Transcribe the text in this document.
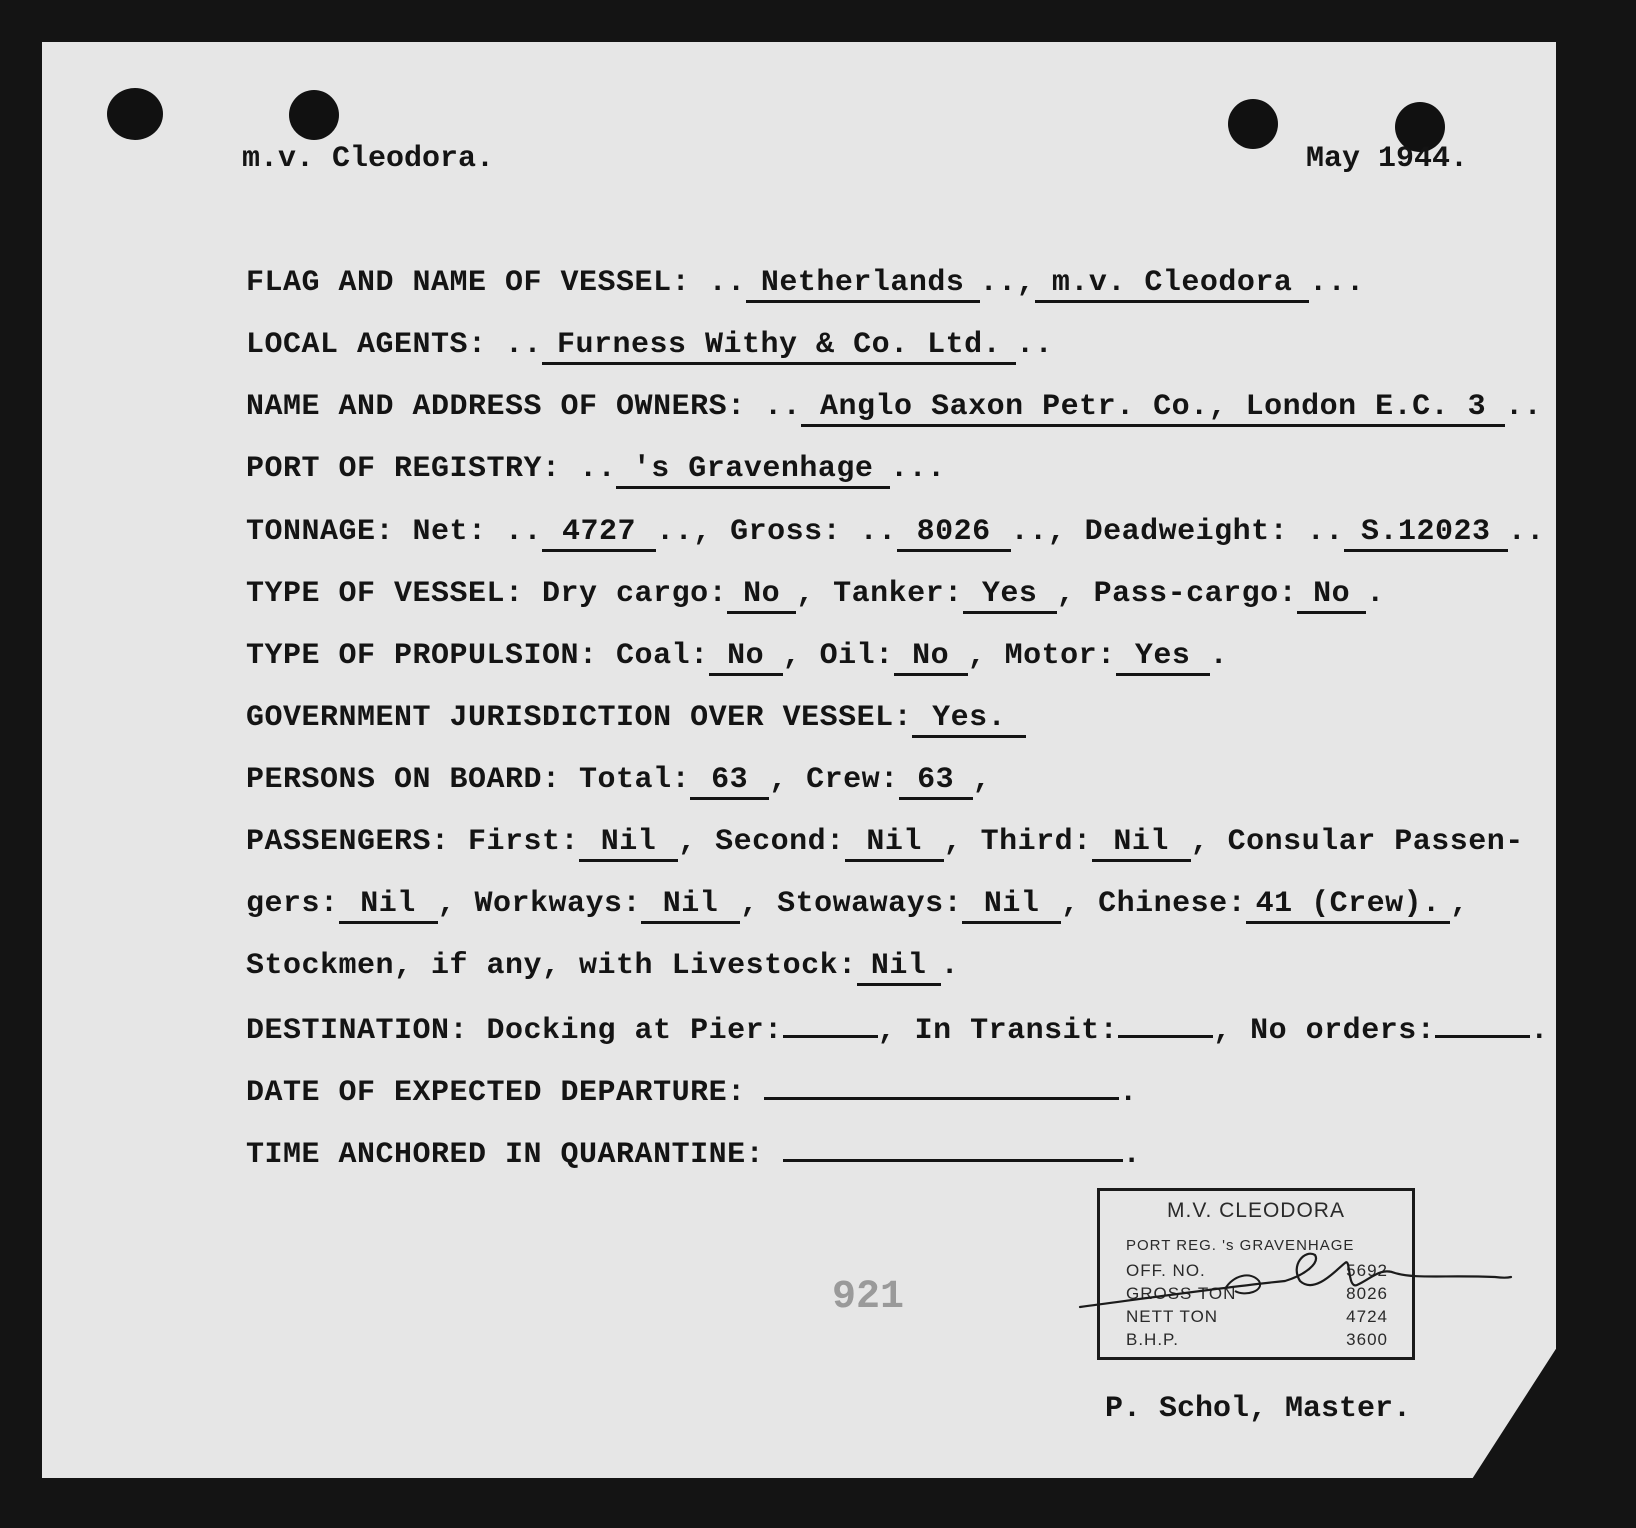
m.v. Cleodora.	May 1944.
FLAG AND NAME OF VESSEL: .. Netherlands .., m.v. Cleodora ...
LOCAL AGENTS: .. Furness Withy & Co. Ltd. ..
NAME AND ADDRESS OF OWNERS: .. Anglo Saxon Petr. Co., London E.C. 3 ..
PORT OF REGISTRY: .. 's Gravenhage ...
TONNAGE: Net: .. 4727 .., Gross: .. 8026 .., Deadweight: .. S.12023 ..
TYPE OF VESSEL: Dry cargo: No , Tanker: Yes , Pass-cargo: No .
TYPE OF PROPULSION: Coal: No , Oil: No , Motor: Yes .
GOVERNMENT JURISDICTION OVER VESSEL: Yes.
PERSONS ON BOARD: Total: 63 , Crew: 63 ,
PASSENGERS: First: Nil , Second: Nil , Third: Nil , Consular Passen-
gers: Nil , Workways: Nil , Stowaways: Nil , Chinese: 41 (Crew). ,
Stockmen, if any, with Livestock: Nil .
DESTINATION: Docking at Pier:	, In Transit:	, No orders:	.
DATE OF EXPECTED DEPARTURE:	.
TIME ANCHORED IN QUARANTINE:	.
M.V. CLEODORA
PORT REG. 's GRAVENHAGE
OFF. NO.	5692
GROSS TON	8026
NETT TON	4724
B.H.P.	3600
921
P. Schol, Master.
